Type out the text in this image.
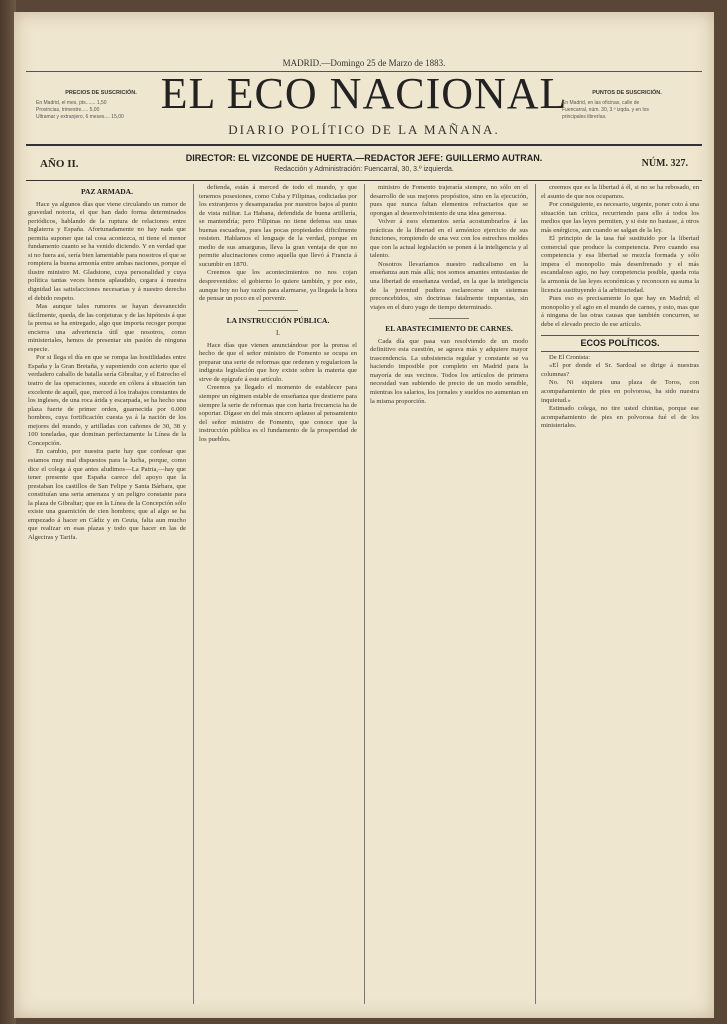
MADRID.—Domingo 25 de Marzo de 1883.
PRECIOS DE SUSCRICIÓN.
En Madrid, el mes, pts....... 1,50
Provincias, trimestre..... 5,00
Ultramar y extranjero, 6 meses.... 15,00 EL ECO NACIONAL
DIARIO POLÍTICO DE LA MAÑANA.
PUNTOS DE SUSCRICIÓN.
En Madrid, en las oficinas, calle de
Fuencarral, núm. 30, 3.º izqda. y en los
principales librerías.
AÑO II.	NÚM. 327.
DIRECTOR: EL VIZCONDE DE HUERTA.—REDACTOR JEFE: GUILLERMO AUTRAN.
Redacción y Administración: Fuencarral, 30, 3.º izquierda.
PAZ ARMADA.

Hace ya algunos días que viene circulando un rumor de gravedad notoria, el que han dado forma determinados periódicos, hablando de la ruptura de relaciones entre Inglaterra y España. Afortunadamente no hay nada que permita suponer que tal cosa acontezca, ni tiene el menor fundamento cuanto se ha venido diciendo. Y en verdad que si no fuera así, sería bien lamentable para nosotros el que se rompiera la buena armonía entre ambas naciones, porque el ilustre ministro M. Gladstone, cuya personalidad y cuya política tantas veces hemos aplaudido, cegara á nuestra dignidad las satisfacciones necesarias y á nuestro derecho el debido respeto.

Mas aunque tales rumores se hayan desvanecido fácilmente, queda, de las conjeturas y de las hipótesis á que la prensa se ha entregado, algo que importa recoger porque encierra una advertencia útil que nosotros, como ministeriales, hemos de presentar sin pasión de ninguna especie.

Por si llega el día en que se rompa las hostilidades entre España y la Gran Bretaña, y suponiendo con acierto que el verdadero caballo de batalla sería Gibraltar, y el Estrecho el teatro de las operaciones, sucede en cólera á situación tan excelente de aquél, que, merced á los trabajos constantes de los ingleses, de una roca árida y escarpada, se ha hecho una plaza fuerte de primer orden, guarnecida por 6.000 hombres, cuya fortificación cuesta ya á la nación de los mejores del mundo, y artilladas con cañones de 30, 38 y 100 toneladas, que dominan perfectamente la Línea de la Concepción.

En cambio, por nuestra parte hay que confesar que estamos muy mal dispuestos para la lucha, porque, como dice el colega á que antes aludimos—La Patria,—hay que tener presente que España carece del apoyo que la prestaban los castillos de San Felipe y Santa Bárbara, que constituían una seria amenaza y un peligro constante para la plaza de Gibraltar; que en la Línea de la Concepción sólo existe una guarnición de cien hombres; que al algo se ha empezado á hacer en Cádiz y en Ceuta, falta aun mucho que realizar en esas plazas y todo que hacer en las de Algeciras y Tarifa.

defienda, están á merced de todo el mundo, y que tenemos posesiones, como Cuba y Filipinas, codiciadas por los extranjeros y desamparadas por nuestros bajos al punto de vista militar. La Habana, defendida de buena artillería, se mantendría; pero Filipinas no tiene defensa sus unas buenas escuadras, pues las pocas propiedades dificilmente resisten. Hablamos el lenguaje de la verdad, porque en medio de sus amarguras, lleva la gran ventaja de que no permite alucinaciones como aquella que llevó á Francia á sucumbir en 1870.

Creemos que los acontecimientos no nos cojan desprevenidos: el gobierno lo quiere también, y por esto, aunque hoy no hay razón para alarmarse, ya llegada la hora de pensar un poco en el porvenir.

LA INSTRUCCIÓN PÚBLICA.
I.

Hace días que vienen anunciándose por la prensa el hecho de que el señor ministro de Fomento se ocupa en preparar una serie de reformas que ordenen y regularicen la indigesta legislación que hoy existe sobre la materia que sirve de epígrafe á este artículo.

Creemos ya llegado el momento de establecer para siempre un régimen estable de enseñanza que destierre para siempre la serie de reformas que con harta frecuencia ha de soportar. Dígase en del más sincero aplauso al pensamiento del señor ministro de Fomento, que conoce que la instrucción pública es el fundamento de la prosperidad de los pueblos.

ministro de Fomento trajeraría siempre, no sólo en el desarrollo de sus mejores propósitos, sino en la ejecución, pues que nunca faltan elementos refractarios que se opongan al desenvolvimiento de una idea generosa.

Volver á esos elementos sería acostumbrarlos á las prácticas de la libertad en el armónico ejercicio de sus funciones, rompiendo de una vez con los estrechos moldes que con la actual legislación se ponen á la inteligencia y al talento.

Nosotros llevaríamos nuestro radicalismo en la enseñanza aun más allá; nos somos amantes entusiastas de una libertad de enseñanza verdad, en la que la inteligencia de la juventud pudiera esclarecerse sin sistemas preconcebidos, sin doctrinas fatalmente impuestas, sin viajes en el duro yugo de tiempo determinado.

EL ABASTECIMIENTO DE CARNES.

Cada día que pasa van resolviendo de un modo definitivo esta cuestión, se agrava más y adquiere mayor trascendencia. La subsistencia regular y constante se va haciendo imposible por completo en Madrid para la mayoría de sus vecinos. Todos los artículos de primera necesidad van subiendo de precio de un modo sensible, mientras los salarios, los jornales y sueldos no aumentan en la misma proporción.

creemos que es la libertad á él, si no se ha rebosado, en el asunto de que nos ocupamos.

Por consiguiente, es necesario, urgente, poner coto á una situación tan crítica, recurriendo para ello á todos los medios que las leyes permiten, y si éste no bastase, á otros más enérgicos, aun cuando se salgan de la ley.

El principio de la tasa fué sustituido por la libertad comercial que produce la competencia. Pero cuando esa competencia y esa libertad se mezcla formada y sólo impera el monopolio más desenfrenado y el más escandaloso agio, no hay competencia posible, queda rota la armonía de las leyes económicas y reconocen su suma la licencia sustituyendo á la arbitrariedad.

Pues eso es precisamente lo que hay en Madrid; el monopolio y el agio en el mundo de carnes, y esto, mas que á ninguna de las otras causas que también concurren, se debe el elevado precio de ese artículo.

ECOS POLÍTICOS.

De El Cronista:

«El por donde el Sr. Sardoal se dirige á nuestras columnas?

No. Ni siquiera una plaza de Toros, con acompañamiento de pies en polvorosa, ha sido nuestra inquietud.»

Estimado colega, no tire usted chinitas, porque ese acompañamiento de pies en polvorosa fué el de los ministeriales.
